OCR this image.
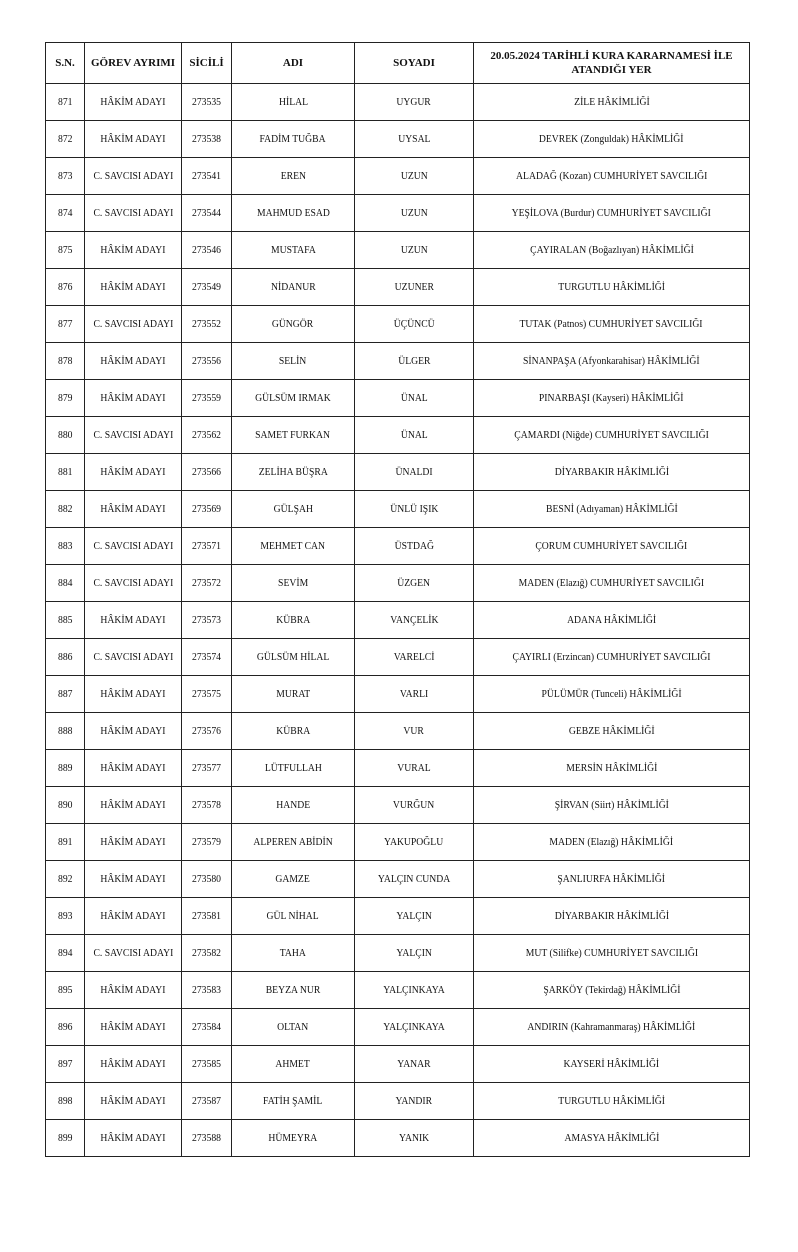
S.N.	GÖREV AYRIMI	SİCİLİ	ADI	SOYADI	20.05.2024 TARİHLİ KURA KARARNAMESİ İLE ATANDIĞI YER
871	HÂKİM ADAYI	273535	HİLAL	UYGUR	ZİLE HÂKİMLİĞİ
872	HÂKİM ADAYI	273538	FADİM TUĞBA	UYSAL	DEVREK (Zonguldak) HÂKİMLİĞİ
873	C. SAVCISI ADAYI	273541	EREN	UZUN	ALADAĞ (Kozan) CUMHURİYET SAVCILIĞI
874	C. SAVCISI ADAYI	273544	MAHMUD ESAD	UZUN	YEŞİLOVA (Burdur) CUMHURİYET SAVCILIĞI
875	HÂKİM ADAYI	273546	MUSTAFA	UZUN	ÇAYIRALAN (Boğazlıyan) HÂKİMLİĞİ
876	HÂKİM ADAYI	273549	NİDANUR	UZUNER	TURGUTLU HÂKİMLİĞİ
877	C. SAVCISI ADAYI	273552	GÜNGÖR	ÜÇÜNCÜ	TUTAK (Patnos) CUMHURİYET SAVCILIĞI
878	HÂKİM ADAYI	273556	SELİN	ÜLGER	SİNANPAŞA (Afyonkarahisar) HÂKİMLİĞİ
879	HÂKİM ADAYI	273559	GÜLSÜM IRMAK	ÜNAL	PINARBAŞI (Kayseri) HÂKİMLİĞİ
880	C. SAVCISI ADAYI	273562	SAMET FURKAN	ÜNAL	ÇAMARDI (Niğde) CUMHURİYET SAVCILIĞI
881	HÂKİM ADAYI	273566	ZELİHA BÜŞRA	ÜNALDI	DİYARBAKIR HÂKİMLİĞİ
882	HÂKİM ADAYI	273569	GÜLŞAH	ÜNLÜ IŞIK	BESNİ (Adıyaman) HÂKİMLİĞİ
883	C. SAVCISI ADAYI	273571	MEHMET CAN	ÜSTDAĞ	ÇORUM CUMHURİYET SAVCILIĞI
884	C. SAVCISI ADAYI	273572	SEVİM	ÜZGEN	MADEN (Elazığ) CUMHURİYET SAVCILIĞI
885	HÂKİM ADAYI	273573	KÜBRA	VANÇELİK	ADANA HÂKİMLİĞİ
886	C. SAVCISI ADAYI	273574	GÜLSÜM HİLAL	VARELCİ	ÇAYIRLI (Erzincan) CUMHURİYET SAVCILIĞI
887	HÂKİM ADAYI	273575	MURAT	VARLI	PÜLÜMÜR (Tunceli) HÂKİMLİĞİ
888	HÂKİM ADAYI	273576	KÜBRA	VUR	GEBZE HÂKİMLİĞİ
889	HÂKİM ADAYI	273577	LÜTFULLAH	VURAL	MERSİN HÂKİMLİĞİ
890	HÂKİM ADAYI	273578	HANDE	VURĞUN	ŞİRVAN (Siirt) HÂKİMLİĞİ
891	HÂKİM ADAYI	273579	ALPEREN ABİDİN	YAKUPOĞLU	MADEN (Elazığ) HÂKİMLİĞİ
892	HÂKİM ADAYI	273580	GAMZE	YALÇIN CUNDA	ŞANLIURFA HÂKİMLİĞİ
893	HÂKİM ADAYI	273581	GÜL NİHAL	YALÇIN	DİYARBAKIR HÂKİMLİĞİ
894	C. SAVCISI ADAYI	273582	TAHA	YALÇIN	MUT (Silifke) CUMHURİYET SAVCILIĞI
895	HÂKİM ADAYI	273583	BEYZA NUR	YALÇINKAYA	ŞARKÖY (Tekirdağ) HÂKİMLİĞİ
896	HÂKİM ADAYI	273584	OLTAN	YALÇINKAYA	ANDIRIN (Kahramanmaraş) HÂKİMLİĞİ
897	HÂKİM ADAYI	273585	AHMET	YANAR	KAYSERİ HÂKİMLİĞİ
898	HÂKİM ADAYI	273587	FATİH ŞAMİL	YANDIR	TURGUTLU HÂKİMLİĞİ
899	HÂKİM ADAYI	273588	HÜMEYRA	YANIK	AMASYA HÂKİMLİĞİ
